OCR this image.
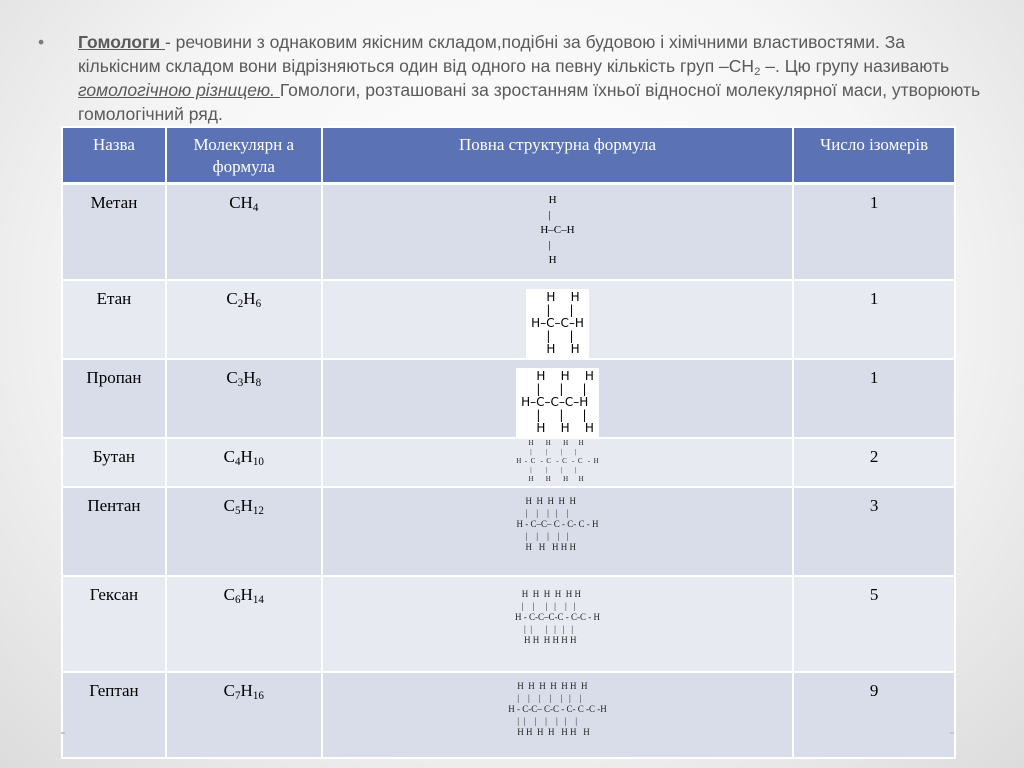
• Гомологи - речовини з однаковим якісним складом,подібні за будовою і хімічними властивостями. За кількісним складом вони відрізняються один від одного на певну кількість груп $-СН_2$ –. Цю групу називають гомологічною різницею. Гомологи, розташовані за зростанням їхньої відносної молекулярної маси, утворюють гомологічний ряд.
Назва	Молекулярн а формула	Повна структурна формула	Число ізомерів
Метан	$СН_4$	H
|
H–C–H
|
H	1
Етан	$С_2Н_6$	H    H
|     |
H–C–C–H
|     |
H    H	1
Пропан	$С_3Н_8$	H    H    H
|     |     |
H–C–C–C–H
|     |     |
H    H    H	1
Бутан	$С_4Н_{10}$	H       H       H      H
|        |        |       |
H  -  C   -  C   -  C   -  C   -  H
|        |        |       |
H       H       H      H	2
Пентан	$С_5Н_{12}$	H  H  H  H  H
|    |    |   |    |
H - C–C– C - C- C - H
|    |    |    |   |
H   H   H H H	3
Гексан	$С_6Н_{14}$	H  H  H  H  H H
|    |     |   |    |   |
H - C-C–C-C - C-C - H
|  |      |   |   |   |
H H  H H H H	5
Гептан	$С_7Н_{16}$	H  H  H  H  H H  H
|    |    |    |    |   |    |
H - C-C– C-C - C- C -C -H
|  |    |    |    |   |    |
H H  H  H   H H   H	9
